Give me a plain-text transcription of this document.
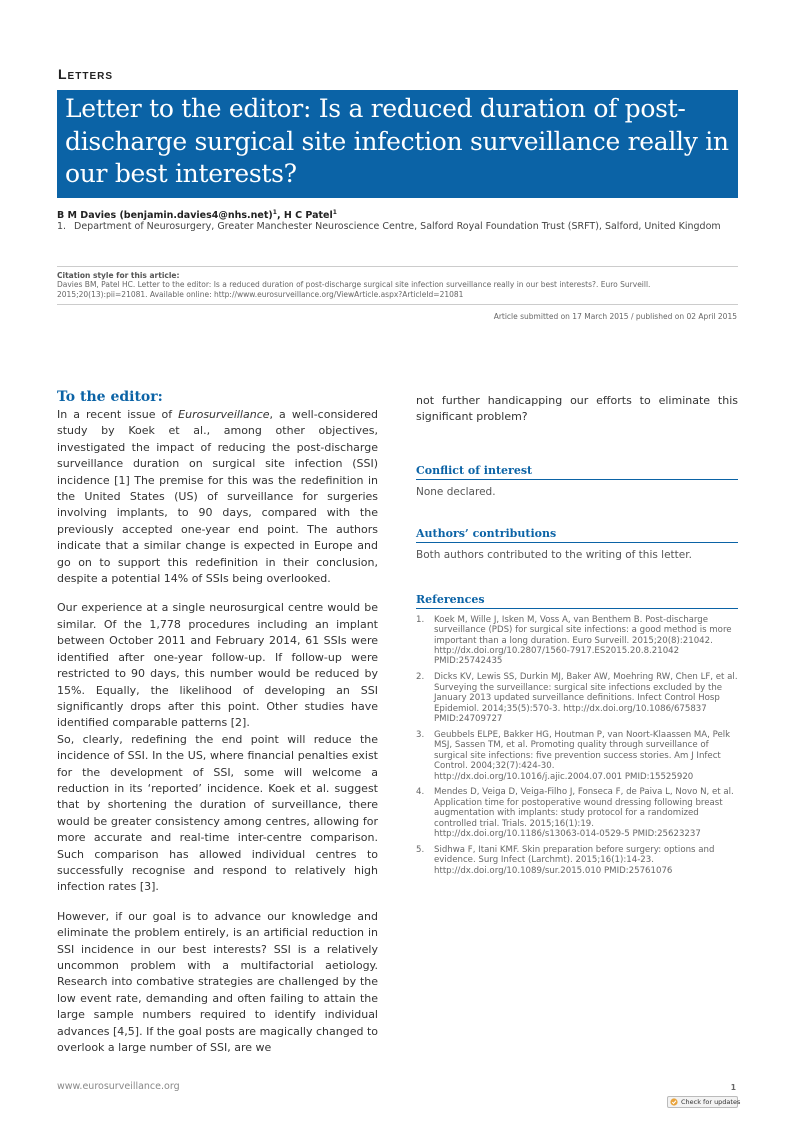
Letters
Letter to the editor: Is a reduced duration of post-discharge surgical site infection surveillance really in our best interests?
B M Davies (benjamin.davies4@nhs.net)$^1$, H C Patel$^1$
1. Department of Neurosurgery, Greater Manchester Neuroscience Centre, Salford Royal Foundation Trust (SRFT), Salford, United Kingdom
Citation style for this article:
Davies BM, Patel HC. Letter to the editor: Is a reduced duration of post-discharge surgical site infection surveillance really in our best interests?. Euro Surveill. 2015;20(13):pii=21081. Available online: http://www.eurosurveillance.org/ViewArticle.aspx?ArticleId=21081
Article submitted on 17 March 2015 / published on 02 April 2015
To the editor:

In a recent issue of Eurosurveillance, a well-considered study by Koek et al., among other objectives, investigated the impact of reducing the post-discharge surveillance duration on surgical site infection (SSI) incidence [1] The premise for this was the redefinition in the United States (US) of surveillance for surgeries involving implants, to 90 days, compared with the previously accepted one-year end point. The authors indicate that a similar change is expected in Europe and go on to support this redefinition in their conclusion, despite a potential 14% of SSIs being overlooked.

Our experience at a single neurosurgical centre would be similar. Of the 1,778 procedures including an implant between October 2011 and February 2014, 61 SSIs were identified after one-year follow-up. If follow-up were restricted to 90 days, this number would be reduced by 15%. Equally, the likelihood of developing an SSI significantly drops after this point. Other studies have identified comparable patterns [2].

So, clearly, redefining the end point will reduce the incidence of SSI. In the US, where financial penalties exist for the development of SSI, some will welcome a reduction in its ‘reported’ incidence. Koek et al. suggest that by shortening the duration of surveillance, there would be greater consistency among centres, allowing for more accurate and real-time inter-centre comparison. Such comparison has allowed individual centres to successfully recognise and respond to relatively high infection rates [3].

However, if our goal is to advance our knowledge and eliminate the problem entirely, is an artificial reduction in SSI incidence in our best interests? SSI is a relatively uncommon problem with a multifactorial aetiology. Research into combative strategies are challenged by the low event rate, demanding and often failing to attain the large sample numbers required to identify individual advances [4,5]. If the goal posts are magically changed to overlook a large number of SSI, are we

not further handicapping our efforts to eliminate this significant problem?
Conflict of interest
None declared.
Authors’ contributions
Both authors contributed to the writing of this letter.
References
1. Koek M, Wille J, Isken M, Voss A, van Benthem B. Post-discharge surveillance (PDS) for surgical site infections: a good method is more important than a long duration. Euro Surveill. 2015;20(8):21042. http://dx.doi.org/10.2807/1560-7917.ES2015.20.8.21042 PMID:25742435
2. Dicks KV, Lewis SS, Durkin MJ, Baker AW, Moehring RW, Chen LF, et al. Surveying the surveillance: surgical site infections excluded by the January 2013 updated surveillance definitions. Infect Control Hosp Epidemiol. 2014;35(5):570-3. http://dx.doi.org/10.1086/675837 PMID:24709727
3. Geubbels ELPE, Bakker HG, Houtman P, van Noort-Klaassen MA, Pelk MSJ, Sassen TM, et al. Promoting quality through surveillance of surgical site infections: five prevention success stories. Am J Infect Control. 2004;32(7):424-30. http://dx.doi.org/10.1016/j.ajic.2004.07.001 PMID:15525920
4. Mendes D, Veiga D, Veiga-Filho J, Fonseca F, de Paiva L, Novo N, et al. Application time for postoperative wound dressing following breast augmentation with implants: study protocol for a randomized controlled trial. Trials. 2015;16(1):19. http://dx.doi.org/10.1186/s13063-014-0529-5 PMID:25623237
5. Sidhwa F, Itani KMF. Skin preparation before surgery: options and evidence. Surg Infect (Larchmt). 2015;16(1):14-23. http://dx.doi.org/10.1089/sur.2015.010 PMID:25761076
www.eurosurveillance.org	1
Check for updates
